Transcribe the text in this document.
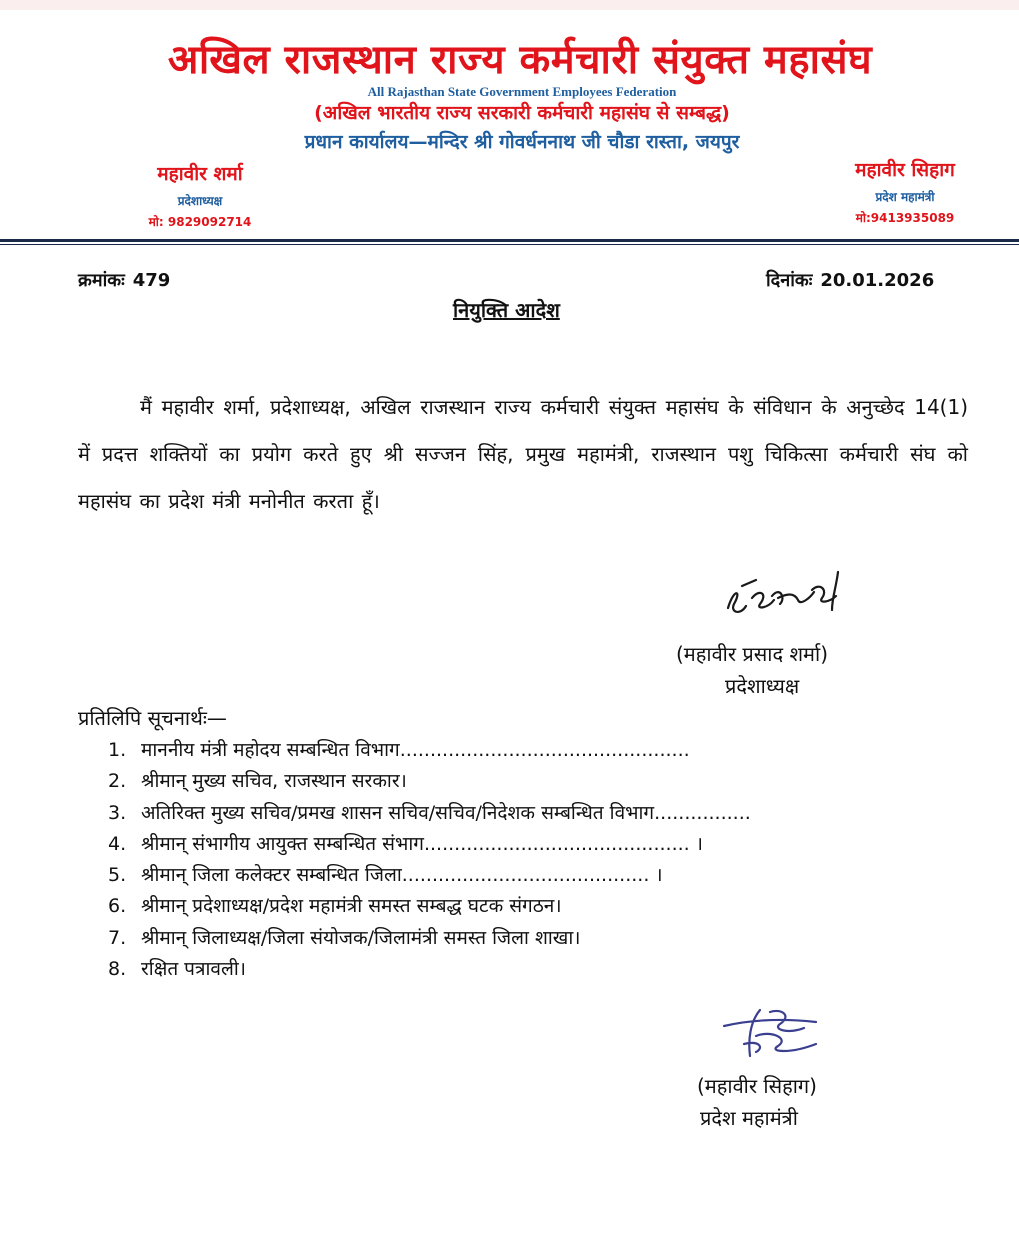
अखिल राजस्थान राज्य कर्मचारी संयुक्त महासंघ
All Rajasthan State Government Employees Federation
(अखिल भारतीय राज्य सरकारी कर्मचारी महासंघ से सम्बद्ध)
प्रधान कार्यालय—मन्दिर श्री गोवर्धननाथ जी चौडा रास्ता, जयपुर
महावीर शर्मा
प्रदेशाध्यक्ष
मो: 9829092714
महावीर सिहाग
प्रदेश महामंत्री
मो:9413935089
क्रमांकः 479	दिनांकः 20.01.2026
नियुक्ति आदेश
मैं महावीर शर्मा, प्रदेशाध्यक्ष, अखिल राजस्थान राज्य कर्मचारी संयुक्त महासंघ के संविधान के अनुच्छेद 14(1) में प्रदत्त शक्तियों का प्रयोग करते हुए श्री सज्जन सिंह, प्रमुख महामंत्री, राजस्थान पशु चिकित्सा कर्मचारी संघ को महासंघ का प्रदेश मंत्री मनोनीत करता हूँ।
(महावीर प्रसाद शर्मा)
प्रदेशाध्यक्ष
प्रतिलिपि सूचनार्थः—
1. माननीय मंत्री महोदय सम्बन्धित विभाग................................................
2. श्रीमान् मुख्य सचिव, राजस्थान सरकार।
3. अतिरिक्त मुख्य सचिव/प्रमख शासन सचिव/सचिव/निदेशक सम्बन्धित विभाग................
4. श्रीमान् संभागीय आयुक्त सम्बन्धित संभाग............................................ ।
5. श्रीमान् जिला कलेक्टर सम्बन्धित जिला......................................... ।
6. श्रीमान् प्रदेशाध्यक्ष/प्रदेश महामंत्री समस्त सम्बद्ध घटक संगठन।
7. श्रीमान् जिलाध्यक्ष/जिला संयोजक/जिलामंत्री समस्त जिला शाखा।
8. रक्षित पत्रावली।
(महावीर सिहाग)
प्रदेश महामंत्री
